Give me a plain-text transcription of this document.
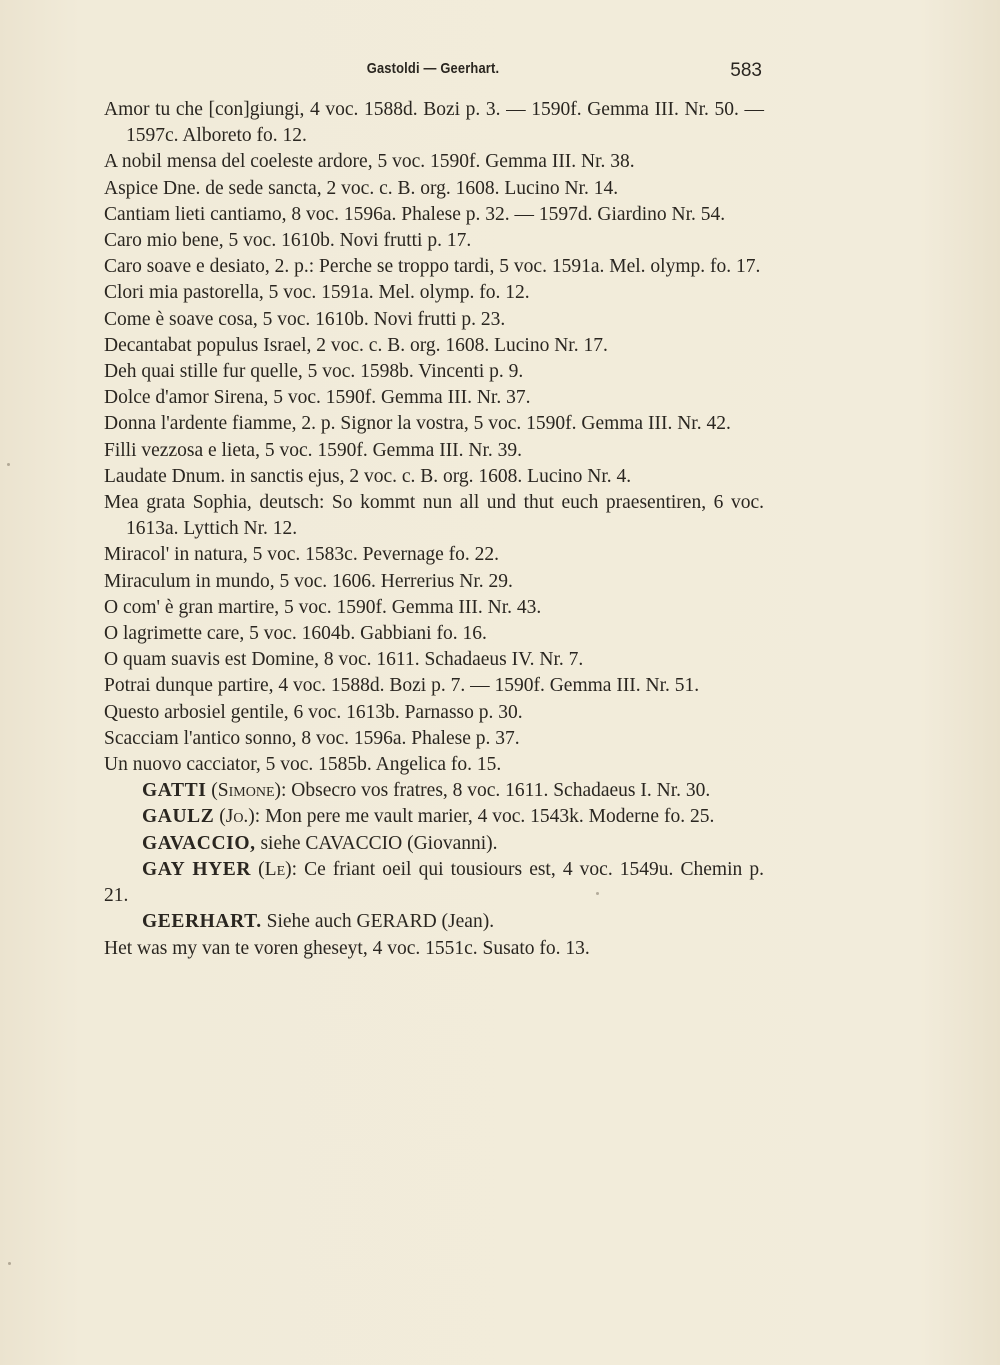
Gastoldi — Geerhart.	583
Amor tu che [con]giungi, 4 voc. 1588d. Bozi p. 3. — 1590f. Gemma III. Nr. 50. — 1597c. Alboreto fo. 12.
A nobil mensa del coeleste ardore, 5 voc. 1590f. Gemma III. Nr. 38.
Aspice Dne. de sede sancta, 2 voc. c. B. org. 1608. Lucino Nr. 14.
Cantiam lieti cantiamo, 8 voc. 1596a. Phalese p. 32. — 1597d. Giardino Nr. 54.
Caro mio bene, 5 voc. 1610b. Novi frutti p. 17.
Caro soave e desiato, 2. p.: Perche se troppo tardi, 5 voc. 1591a. Mel. olymp. fo. 17.
Clori mia pastorella, 5 voc. 1591a. Mel. olymp. fo. 12.
Come è soave cosa, 5 voc. 1610b. Novi frutti p. 23.
Decantabat populus Israel, 2 voc. c. B. org. 1608. Lucino Nr. 17.
Deh quai stille fur quelle, 5 voc. 1598b. Vincenti p. 9.
Dolce d'amor Sirena, 5 voc. 1590f. Gemma III. Nr. 37.
Donna l'ardente fiamme, 2. p. Signor la vostra, 5 voc. 1590f. Gemma III. Nr. 42.
Filli vezzosa e lieta, 5 voc. 1590f. Gemma III. Nr. 39.
Laudate Dnum. in sanctis ejus, 2 voc. c. B. org. 1608. Lucino Nr. 4.
Mea grata Sophia, deutsch: So kommt nun all und thut euch praesentiren, 6 voc. 1613a. Lyttich Nr. 12.
Miracol' in natura, 5 voc. 1583c. Pevernage fo. 22.
Miraculum in mundo, 5 voc. 1606. Herrerius Nr. 29.
O com' è gran martire, 5 voc. 1590f. Gemma III. Nr. 43.
O lagrimette care, 5 voc. 1604b. Gabbiani fo. 16.
O quam suavis est Domine, 8 voc. 1611. Schadaeus IV. Nr. 7.
Potrai dunque partire, 4 voc. 1588d. Bozi p. 7. — 1590f. Gemma III. Nr. 51.
Questo arbosiel gentile, 6 voc. 1613b. Parnasso p. 30.
Scacciam l'antico sonno, 8 voc. 1596a. Phalese p. 37.
Un nuovo cacciator, 5 voc. 1585b. Angelica fo. 15.
GATTI (Simone): Obsecro vos fratres, 8 voc. 1611. Schadaeus I. Nr. 30.
GAULZ (Jo.): Mon pere me vault marier, 4 voc. 1543k. Moderne fo. 25.
GAVACCIO, siehe CAVACCIO (Giovanni).
GAY HYER (Le): Ce friant oeil qui tousiours est, 4 voc. 1549u. Chemin p. 21.
GEERHART. Siehe auch GERARD (Jean).
Het was my van te voren gheseyt, 4 voc. 1551c. Susato fo. 13.
